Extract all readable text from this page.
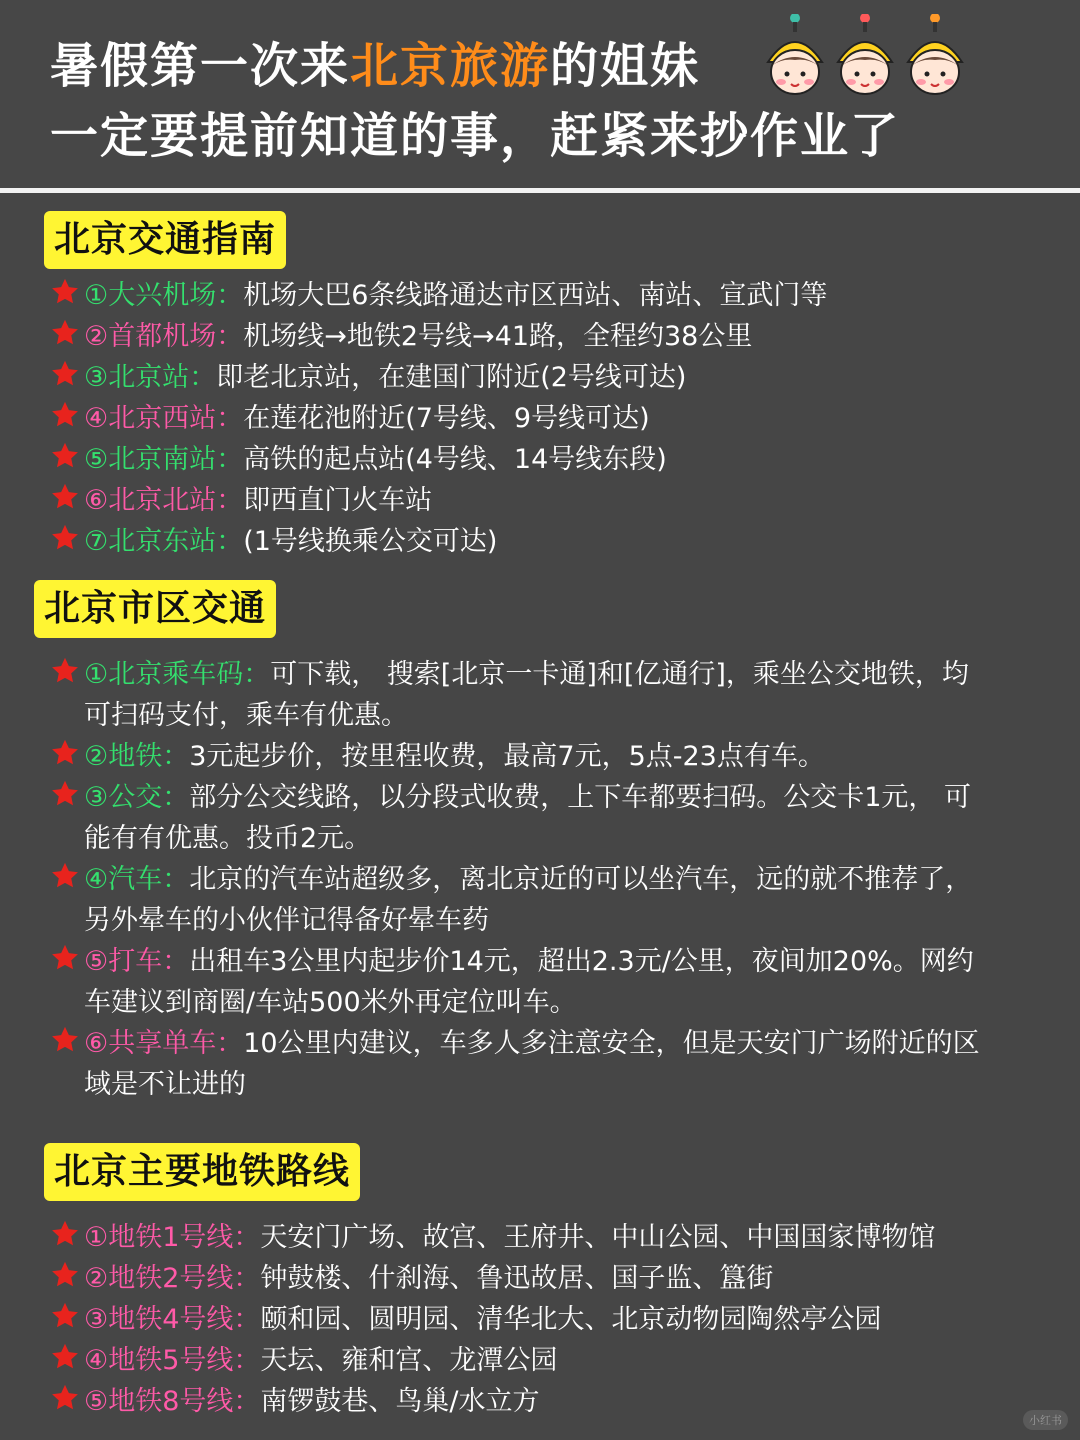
暑假第一次来北京旅游的姐妹
一定要提前知道的事，赶紧来抄作业了
北京交通指南
①大兴机场：机场大巴6条线路通达市区西站、南站、宣武门等
②首都机场：机场线→地铁2号线→41路，全程约38公里
③北京站：即老北京站，在建国门附近(2号线可达)
④北京西站：在莲花池附近(7号线、9号线可达)
⑤北京南站：高铁的起点站(4号线、14号线东段)
⑥北京北站：即西直门火车站
⑦北京东站：(1号线换乘公交可达)
北京市区交通
①北京乘车码：可下载， 搜索[北京一卡通]和[亿通行]，乘坐公交地铁，均
可扫码支付，乘车有优惠。
②地铁：3元起步价，按里程收费，最高7元，5点-23点有车。
③公交：部分公交线路，以分段式收费，上下车都要扫码。公交卡1元， 可
能有有优惠。投币2元。
④汽车：北京的汽车站超级多，离北京近的可以坐汽车，远的就不推荐了，
另外晕车的小伙伴记得备好晕车药
⑤打车：出租车3公里内起步价14元，超出2.3元/公里，夜间加20%。网约
车建议到商圈/车站500米外再定位叫车。
⑥共享单车：10公里内建议，车多人多注意安全，但是天安门广场附近的区
域是不让进的
北京主要地铁路线
①地铁1号线：天安门广场、故宫、王府井、中山公园、中国国家博物馆
②地铁2号线：钟鼓楼、什刹海、鲁迅故居、国子监、簋街
③地铁4号线：颐和园、圆明园、清华北大、北京动物园陶然亭公园
④地铁5号线：天坛、雍和宫、龙潭公园
⑤地铁8号线：南锣鼓巷、鸟巢/水立方
小红书
